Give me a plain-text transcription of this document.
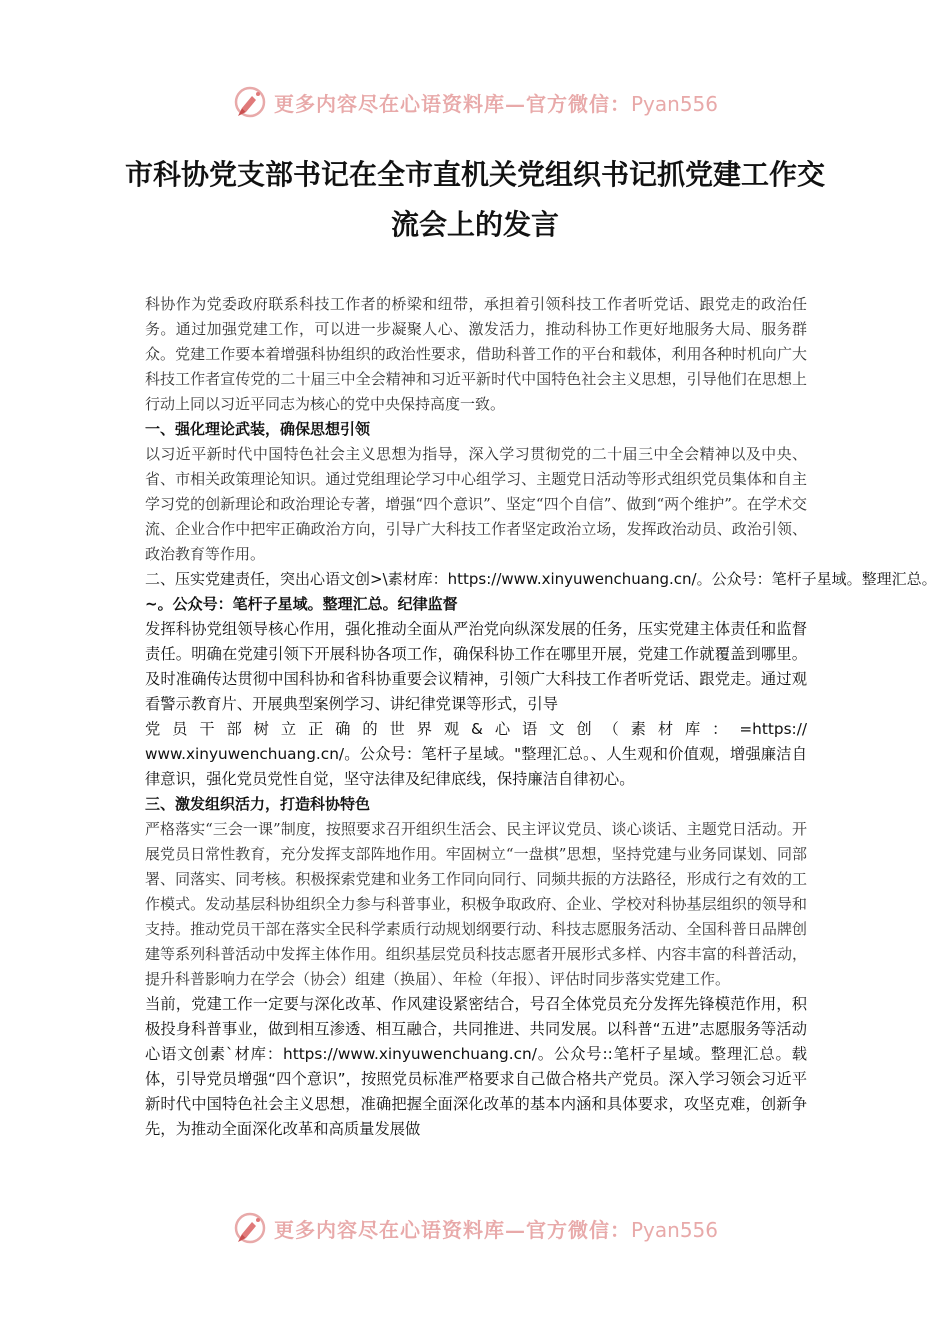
更多内容尽在心语资料库—官方微信：Pyan556
市科协党支部书记在全市直机关党组织书记抓党建工作交流会上的发言

科协作为党委政府联系科技工作者的桥梁和纽带，承担着引领科技工作者听党话、跟党走的政治任务。通过加强党建工作，可以进一步凝聚人心、激发活力，推动科协工作更好地服务大局、服务群众。党建工作要本着增强科协组织的政治性要求，借助科普工作的平台和载体，利用各种时机向广大科技工作者宣传党的二十届三中全会精神和习近平新时代中国特色社会主义思想，引导他们在思想上行动上同以习近平同志为核心的党中央保持高度一致。

一、强化理论武装，确保思想引领

以习近平新时代中国特色社会主义思想为指导，深入学习贯彻党的二十届三中全会精神以及中央、省、市相关政策理论知识。通过党组理论学习中心组学习、主题党日活动等形式组织党员集体和自主学习党的创新理论和政治理论专著，增强“四个意识”、坚定“四个自信”、做到“两个维护”。在学术交流、企业合作中把牢正确政治方向，引导广大科技工作者坚定政治立场，发挥政治动员、政治引领、政治教育等作用。

二、压实党建责任，突出心语文创>\素材库：https://www.xinyuwenchuang.cn/。公众号：笔杆子星域。整理汇总。
~。公众号：笔杆子星域。整理汇总。纪律监督

发挥科协党组领导核心作用，强化推动全面从严治党向纵深发展的任务，压实党建主体责任和监督责任。明确在党建引领下开展科协各项工作，确保科协工作在哪里开展，党建工作就覆盖到哪里。及时准确传达贯彻中国科协和省科协重要会议精神，引领广大科技工作者听党话、跟党走。通过观看警示教育片、开展典型案例学习、讲纪律党课等形式，引导

党员干部树立正确的世界观&心语文创（素材库：=https://

www.xinyuwenchuang.cn/。公众号：笔杆子星域。"整理汇总。、人生观和价值观，增强廉洁自律意识，强化党员党性自觉，坚守法律及纪律底线，保持廉洁自律初心。

三、激发组织活力，打造科协特色

严格落实“三会一课”制度，按照要求召开组织生活会、民主评议党员、谈心谈话、主题党日活动。开展党员日常性教育，充分发挥支部阵地作用。牢固树立“一盘棋”思想，坚持党建与业务同谋划、同部署、同落实、同考核。积极探索党建和业务工作同向同行、同频共振的方法路径，形成行之有效的工作模式。发动基层科协组织全力参与科普事业，积极争取政府、企业、学校对科协基层组织的领导和支持。推动党员干部在落实全民科学素质行动规划纲要行动、科技志愿服务活动、全国科普日品牌创建等系列科普活动中发挥主体作用。组织基层党员科技志愿者开展形式多样、内容丰富的科普活动，提升科普影响力在学会（协会）组建（换届）、年检（年报）、评估时同步落实党建工作。

当前，党建工作一定要与深化改革、作风建设紧密结合，号召全体党员充分发挥先锋模范作用，积极投身科普事业，做到相互渗透、相互融合，共同推进、共同发展。以科普“五进”志愿服务等活动心语文创素`材库：https://www.xinyuwenchuang.cn/。公众号::笔杆子星域。整理汇总。载体，引导党员增强“四个意识”，按照党员标准严格要求自己做合格共产党员。深入学习领会习近平新时代中国特色社会主义思想，准确把握全面深化改革的基本内涵和具体要求，攻坚克难，创新争先，为推动全面深化改革和高质量发展做

更多内容尽在心语资料库—官方微信：Pyan556
